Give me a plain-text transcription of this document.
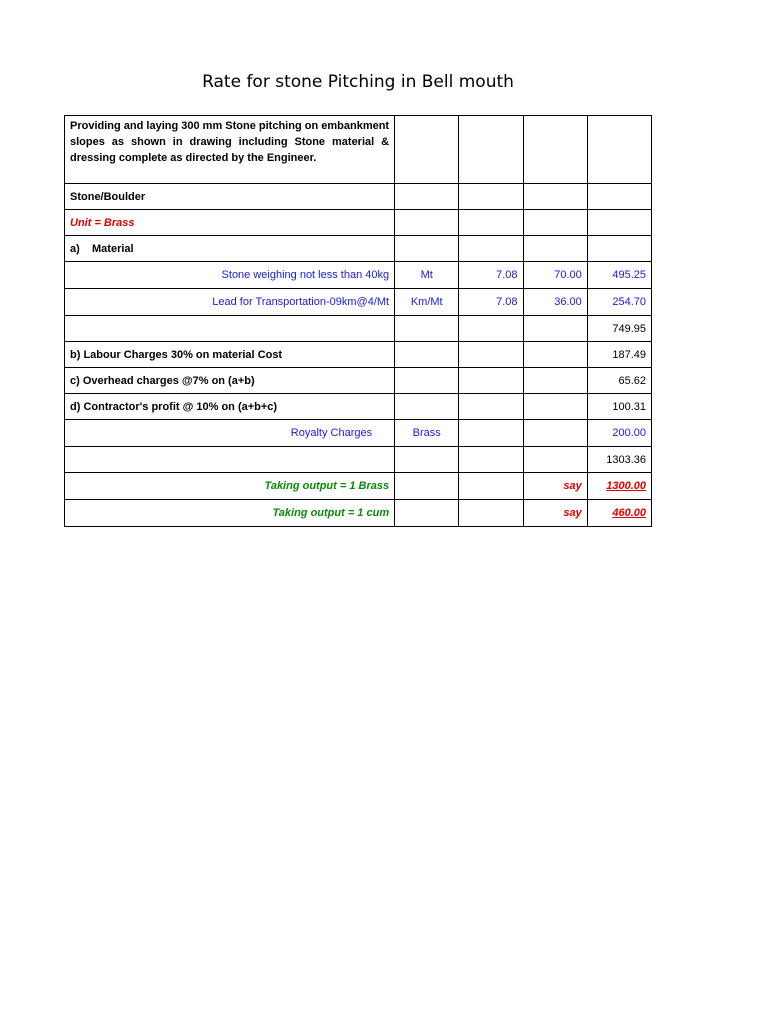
Rate for stone Pitching in Bell mouth
Providing and laying 300 mm Stone pitching on embankment slopes as shown in drawing including Stone material & dressing complete as directed by the Engineer.				
Stone/Boulder				
Unit = Brass				
a)    Material				
Stone weighing not less than 40kg	Mt	7.08	70.00	495.25
Lead for Transportation-09km@4/Mt	Km/Mt	7.08	36.00	254.70
				749.95
b) Labour Charges 30% on material Cost				187.49
c) Overhead charges @7% on (a+b)				65.62
d) Contractor's profit @ 10% on (a+b+c)				100.31
Royalty Charges	Brass			200.00
				1303.36
Taking output = 1 Brass			say	1300.00
Taking output = 1 cum			say	460.00
